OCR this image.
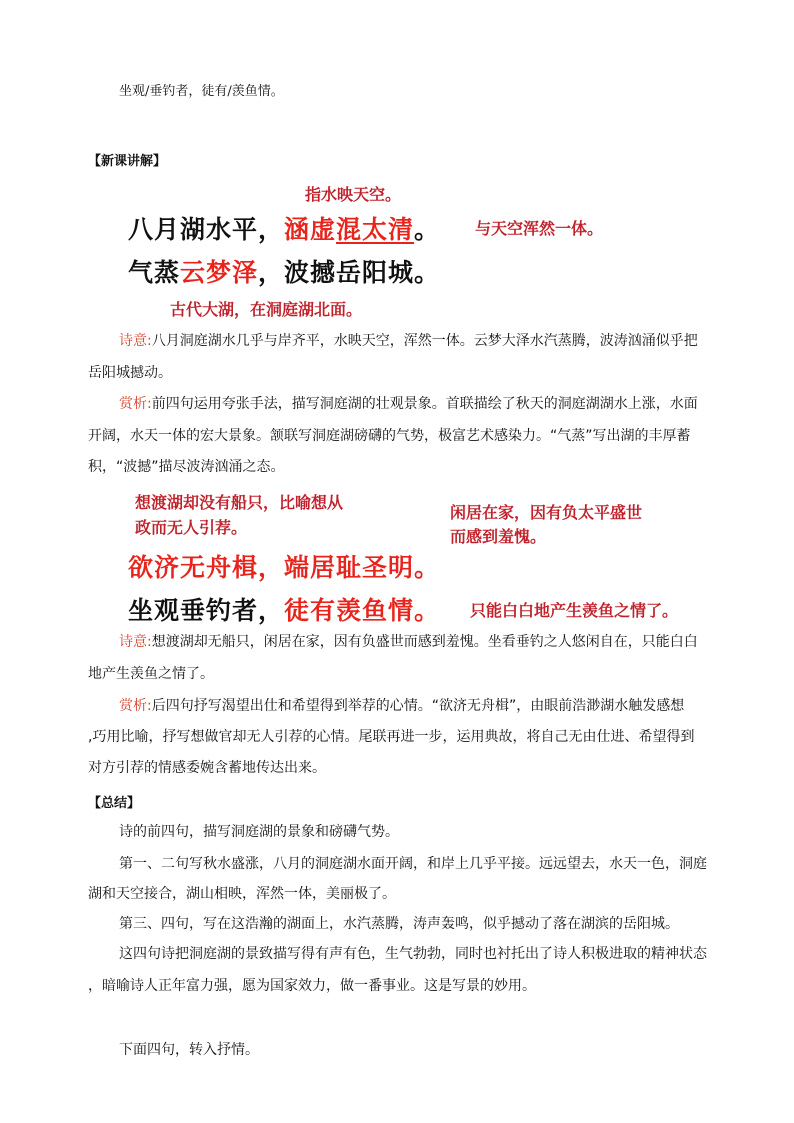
坐观/垂钓者，徒有/羡鱼情。
【新课讲解】
指水映天空。
八月湖水平，涵虚混太清。 与天空浑然一体。
气蒸云梦泽，波撼岳阳城。
古代大湖，在洞庭湖北面。
诗意:八月洞庭湖水几乎与岸齐平，水映天空，浑然一体。云梦大泽水汽蒸腾，波涛汹涌似乎把
岳阳城撼动。
赏析:前四句运用夸张手法，描写洞庭湖的壮观景象。首联描绘了秋天的洞庭湖湖水上涨，水面
开阔，水天一体的宏大景象。颔联写洞庭湖磅礴的气势，极富艺术感染力。“气蒸”写出湖的丰厚蓄
积，“波撼”描尽波涛汹涌之态。
想渡湖却没有船只，比喻想从
政而无人引荐。
闲居在家，因有负太平盛世
而感到羞愧。
欲济无舟楫，端居耻圣明。
坐观垂钓者，徒有羡鱼情。 只能白白地产生羡鱼之情了。
诗意:想渡湖却无船只，闲居在家，因有负盛世而感到羞愧。坐看垂钓之人悠闲自在，只能白白
地产生羡鱼之情了。
赏析:后四句抒写渴望出仕和希望得到举荐的心情。“欲济无舟楫”，由眼前浩渺湖水触发感想
,巧用比喻，抒写想做官却无人引荐的心情。尾联再进一步，运用典故，将自己无由仕进、希望得到
对方引荐的情感委婉含蓄地传达出来。
【总结】
诗的前四句，描写洞庭湖的景象和磅礴气势。
第一、二句写秋水盛涨，八月的洞庭湖水面开阔，和岸上几乎平接。远远望去，水天一色，洞庭
湖和天空接合，湖山相映，浑然一体，美丽极了。
第三、四句，写在这浩瀚的湖面上，水汽蒸腾，涛声轰鸣，似乎撼动了落在湖滨的岳阳城。
这四句诗把洞庭湖的景致描写得有声有色，生气勃勃，同时也衬托出了诗人积极进取的精神状态
，暗喻诗人正年富力强，愿为国家效力，做一番事业。这是写景的妙用。
下面四句，转入抒情。
